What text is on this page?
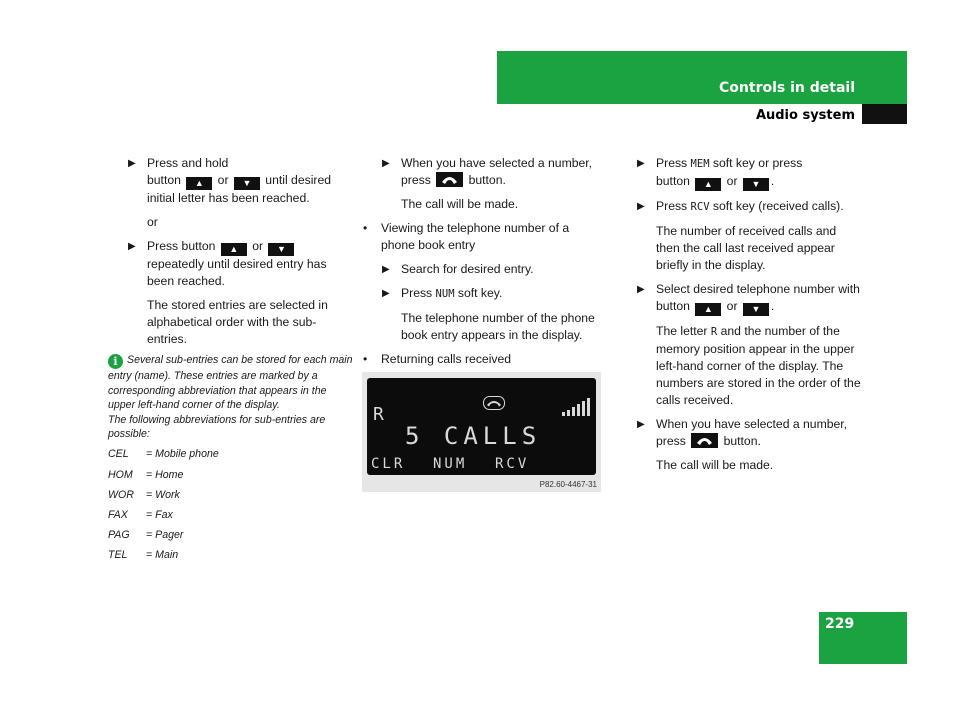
Controls in detail
Audio system
▶ Press and hold
button ▲ or ▼ until desired initial letter has been reached.
or
▶ Press button ▲ or ▼ repeatedly until desired entry has been reached.
The stored entries are selected in alphabetical order with the sub-entries.
i Several sub-entries can be stored for each main entry (name). These entries are marked by a corresponding abbreviation that appears in the upper left-hand corner of the display.
The following abbreviations for sub-entries are possible:
CEL	= Mobile phone
HOM	= Home
WOR	= Work
FAX	= Fax
PAG	= Pager
TEL	= Main
▶ When you have selected a number, press	button.
The call will be made.
• Viewing the telephone number of a phone book entry
▶ Search for desired entry.
▶ Press NUM soft key.
The telephone number of the phone book entry appears in the display.
• Returning calls received
R
5 CALLS
CLR NUM RCV
P82.60-4467-31
▶ Press MEM soft key or press
button ▲ or ▼ .
▶ Press RCV soft key (received calls).
The number of received calls and then the call last received appear briefly in the display.
▶ Select desired telephone number with button ▲ or ▼ .
The letter R and the number of the memory position appear in the upper left-hand corner of the display. The numbers are stored in the order of the calls received.
▶ When you have selected a number, press	button.
The call will be made.
229
